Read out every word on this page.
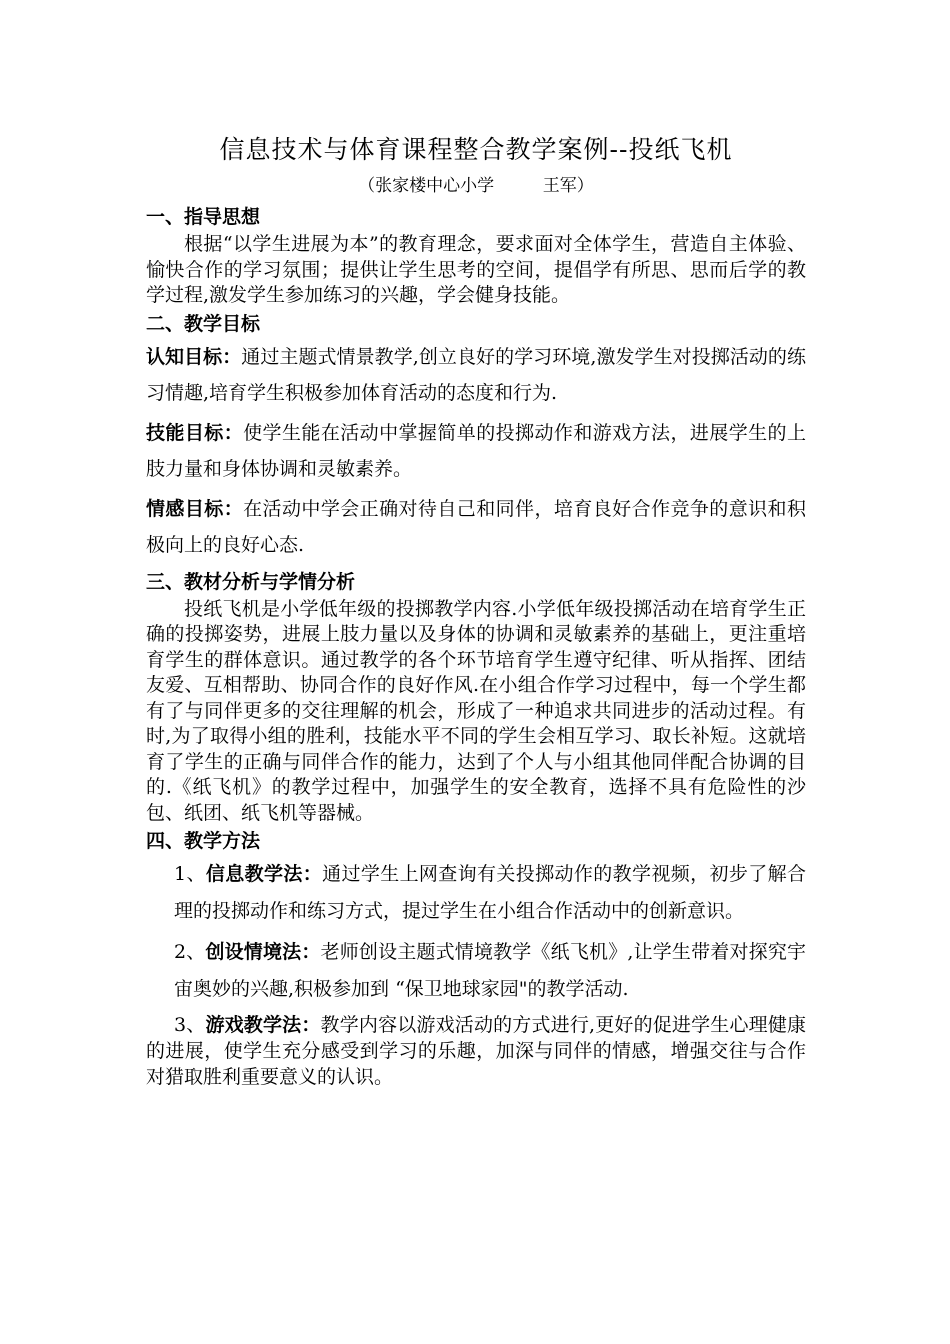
信息技术与体育课程整合教学案例--投纸飞机

（张家楼中心小学         王军）

一、指导思想

根据“以学生进展为本”的教育理念，要求面对全体学生，营造自主体验、愉快合作的学习氛围；提供让学生思考的空间，提倡学有所思、思而后学的教学过程,激发学生参加练习的兴趣，学会健身技能。

二、教学目标

认知目标：通过主题式情景教学,创立良好的学习环境,激发学生对投掷活动的练习情趣,培育学生积极参加体育活动的态度和行为.

技能目标：使学生能在活动中掌握简单的投掷动作和游戏方法，进展学生的上肢力量和身体协调和灵敏素养。

情感目标：在活动中学会正确对待自己和同伴，培育良好合作竞争的意识和积极向上的良好心态.

三、教材分析与学情分析

投纸飞机是小学低年级的投掷教学内容.小学低年级投掷活动在培育学生正确的投掷姿势，进展上肢力量以及身体的协调和灵敏素养的基础上，更注重培育学生的群体意识。通过教学的各个环节培育学生遵守纪律、听从指挥、团结友爱、互相帮助、协同合作的良好作风.在小组合作学习过程中，每一个学生都有了与同伴更多的交往理解的机会，形成了一种追求共同进步的活动过程。有时,为了取得小组的胜利，技能水平不同的学生会相互学习、取长补短。这就培育了学生的正确与同伴合作的能力，达到了个人与小组其他同伴配合协调的目的.《纸飞机》的教学过程中，加强学生的安全教育，选择不具有危险性的沙包、纸团、纸飞机等器械。

四、教学方法

1、信息教学法：通过学生上网查询有关投掷动作的教学视频，初步了解合理的投掷动作和练习方式，提过学生在小组合作活动中的创新意识。

2、创设情境法：老师创设主题式情境教学《纸飞机》,让学生带着对探究宇宙奥妙的兴趣,积极参加到 “保卫地球家园"的教学活动.

3、游戏教学法：教学内容以游戏活动的方式进行,更好的促进学生心理健康的进展，使学生充分感受到学习的乐趣，加深与同伴的情感，增强交往与合作对猎取胜利重要意义的认识。
